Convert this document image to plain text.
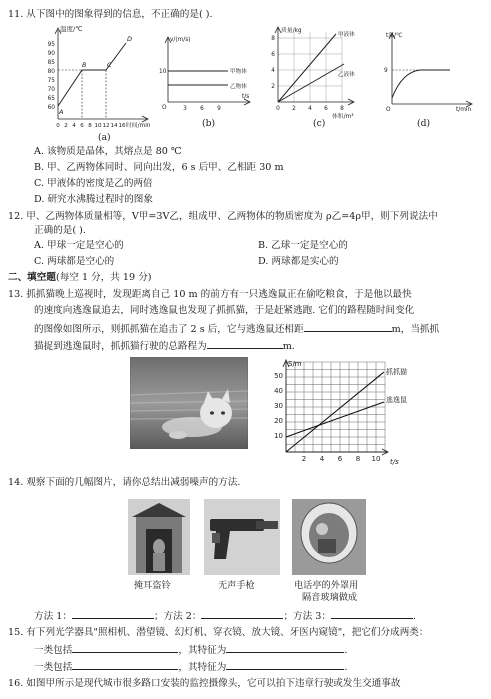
11. 从下图中的图象得到的信息，不正确的是( ).
温度/℃
95
90
85
80
75
70
65
60
0 2 4 6 8 10 12 14 16 时间/min
A
B	C
D
(a)
v/(m/s)
10
O
甲物体
乙物体
3 6 9
t/s
(b)
质量/kg
8
6
4
2
0 2 4 6 8
体积/m³
甲液体
乙液体
(c)
t温/℃
9
O	t/min
(d)
A. 该物质是晶体，其熔点是 80 ℃
B. 甲、乙两物体同时、同向出发，6 s 后甲、乙相距 30 m
C. 甲液体的密度是乙的两倍
D. 研究水沸腾过程时的图象
12. 甲、乙两物体质量相等，V甲=3V乙，组成甲、乙两物体的物质密度为 ρ乙=4ρ甲，则下列说法中
正确的是( ).
A. 甲球一定是空心的	B. 乙球一定是空心的
C. 两球都是空心的	D. 两球都是实心的
二、填空题(每空 1 分，共 19 分)
13. 抓抓猫晚上巡视时，发现距离自己 10 m 的前方有一只逃逸鼠正在偷吃粮食，于是他以最快
的速度向逃逸鼠追去，同时逃逸鼠也发现了抓抓猫，于是赶紧逃跑. 它们的路程随时间变化
的图像如图所示，则抓抓猫在追击了 2 s 后，它与逃逸鼠还相距	m，当抓抓
猫捉到逃逸鼠时，抓抓猫行驶的总路程为	m.
S/m
50
40
30
20
10
2 4 6 8 10 t/s
抓抓猫
逃逸鼠
14. 观察下面的几幅图片，请你总结出减弱噪声的方法.
掩耳盗铃	无声手枪	电话亭的外罩用
隔音玻璃做成
方法 1：	；方法 2：	；方法 3：	.
15. 有下列光学器具"照相机、潜望镜、幻灯机、穿衣镜、放大镜、牙医内窥镜"，把它们分成两类：
一类包括	，其特征为	.
一类包括	，其特征为	.
16. 如图甲所示是现代城市很多路口安装的监控摄像头，它可以拍下违章行驶或发生交通事故
